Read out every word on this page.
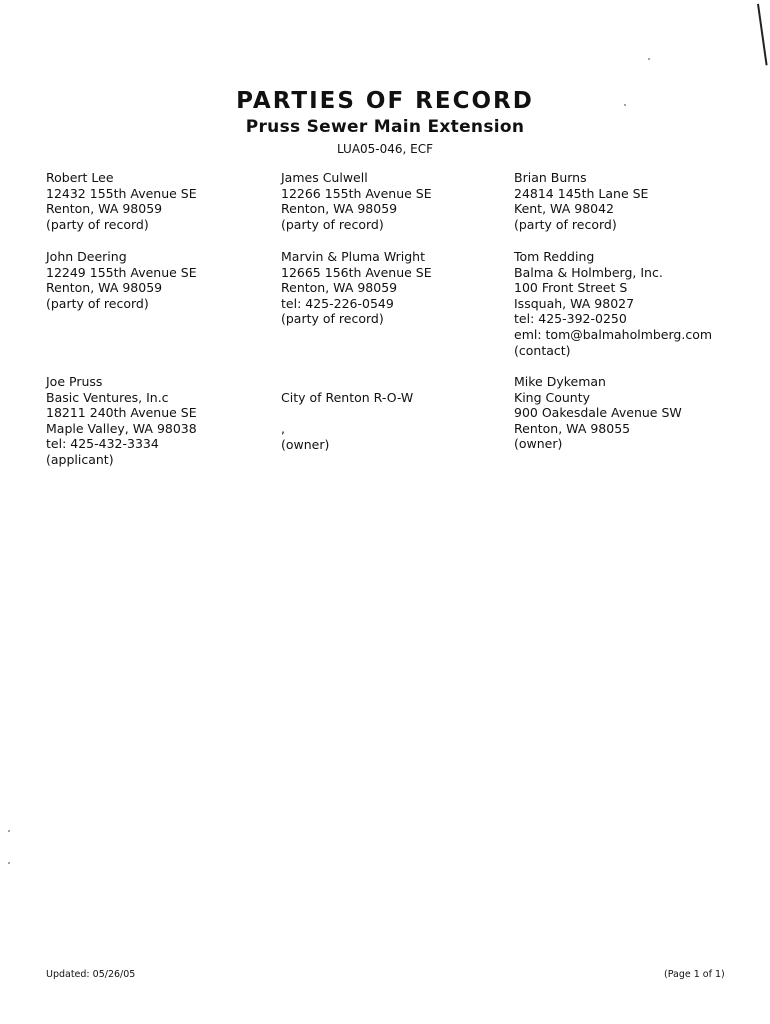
PARTIES OF RECORD
Pruss Sewer Main Extension
LUA05-046, ECF
Robert Lee
12432 155th Avenue SE
Renton, WA 98059
(party of record)
James Culwell
12266 155th Avenue SE
Renton, WA 98059
(party of record)
Brian Burns
24814 145th Lane SE
Kent, WA 98042
(party of record)
John Deering
12249 155th Avenue SE
Renton, WA 98059
(party of record)
Marvin & Pluma Wright
12665 156th Avenue SE
Renton, WA 98059
tel: 425-226-0549
(party of record)
Tom Redding
Balma & Holmberg, Inc.
100 Front Street S
Issquah, WA 98027
tel: 425-392-0250
eml: tom@balmaholmberg.com
(contact)
Joe Pruss
Basic Ventures, In.c
18211 240th Avenue SE
Maple Valley, WA 98038
tel: 425-432-3334
(applicant)
City of Renton R-O-W
,
(owner)
Mike Dykeman
King County
900 Oakesdale Avenue SW
Renton, WA 98055
(owner)
Updated: 05/26/05	(Page 1 of 1)
